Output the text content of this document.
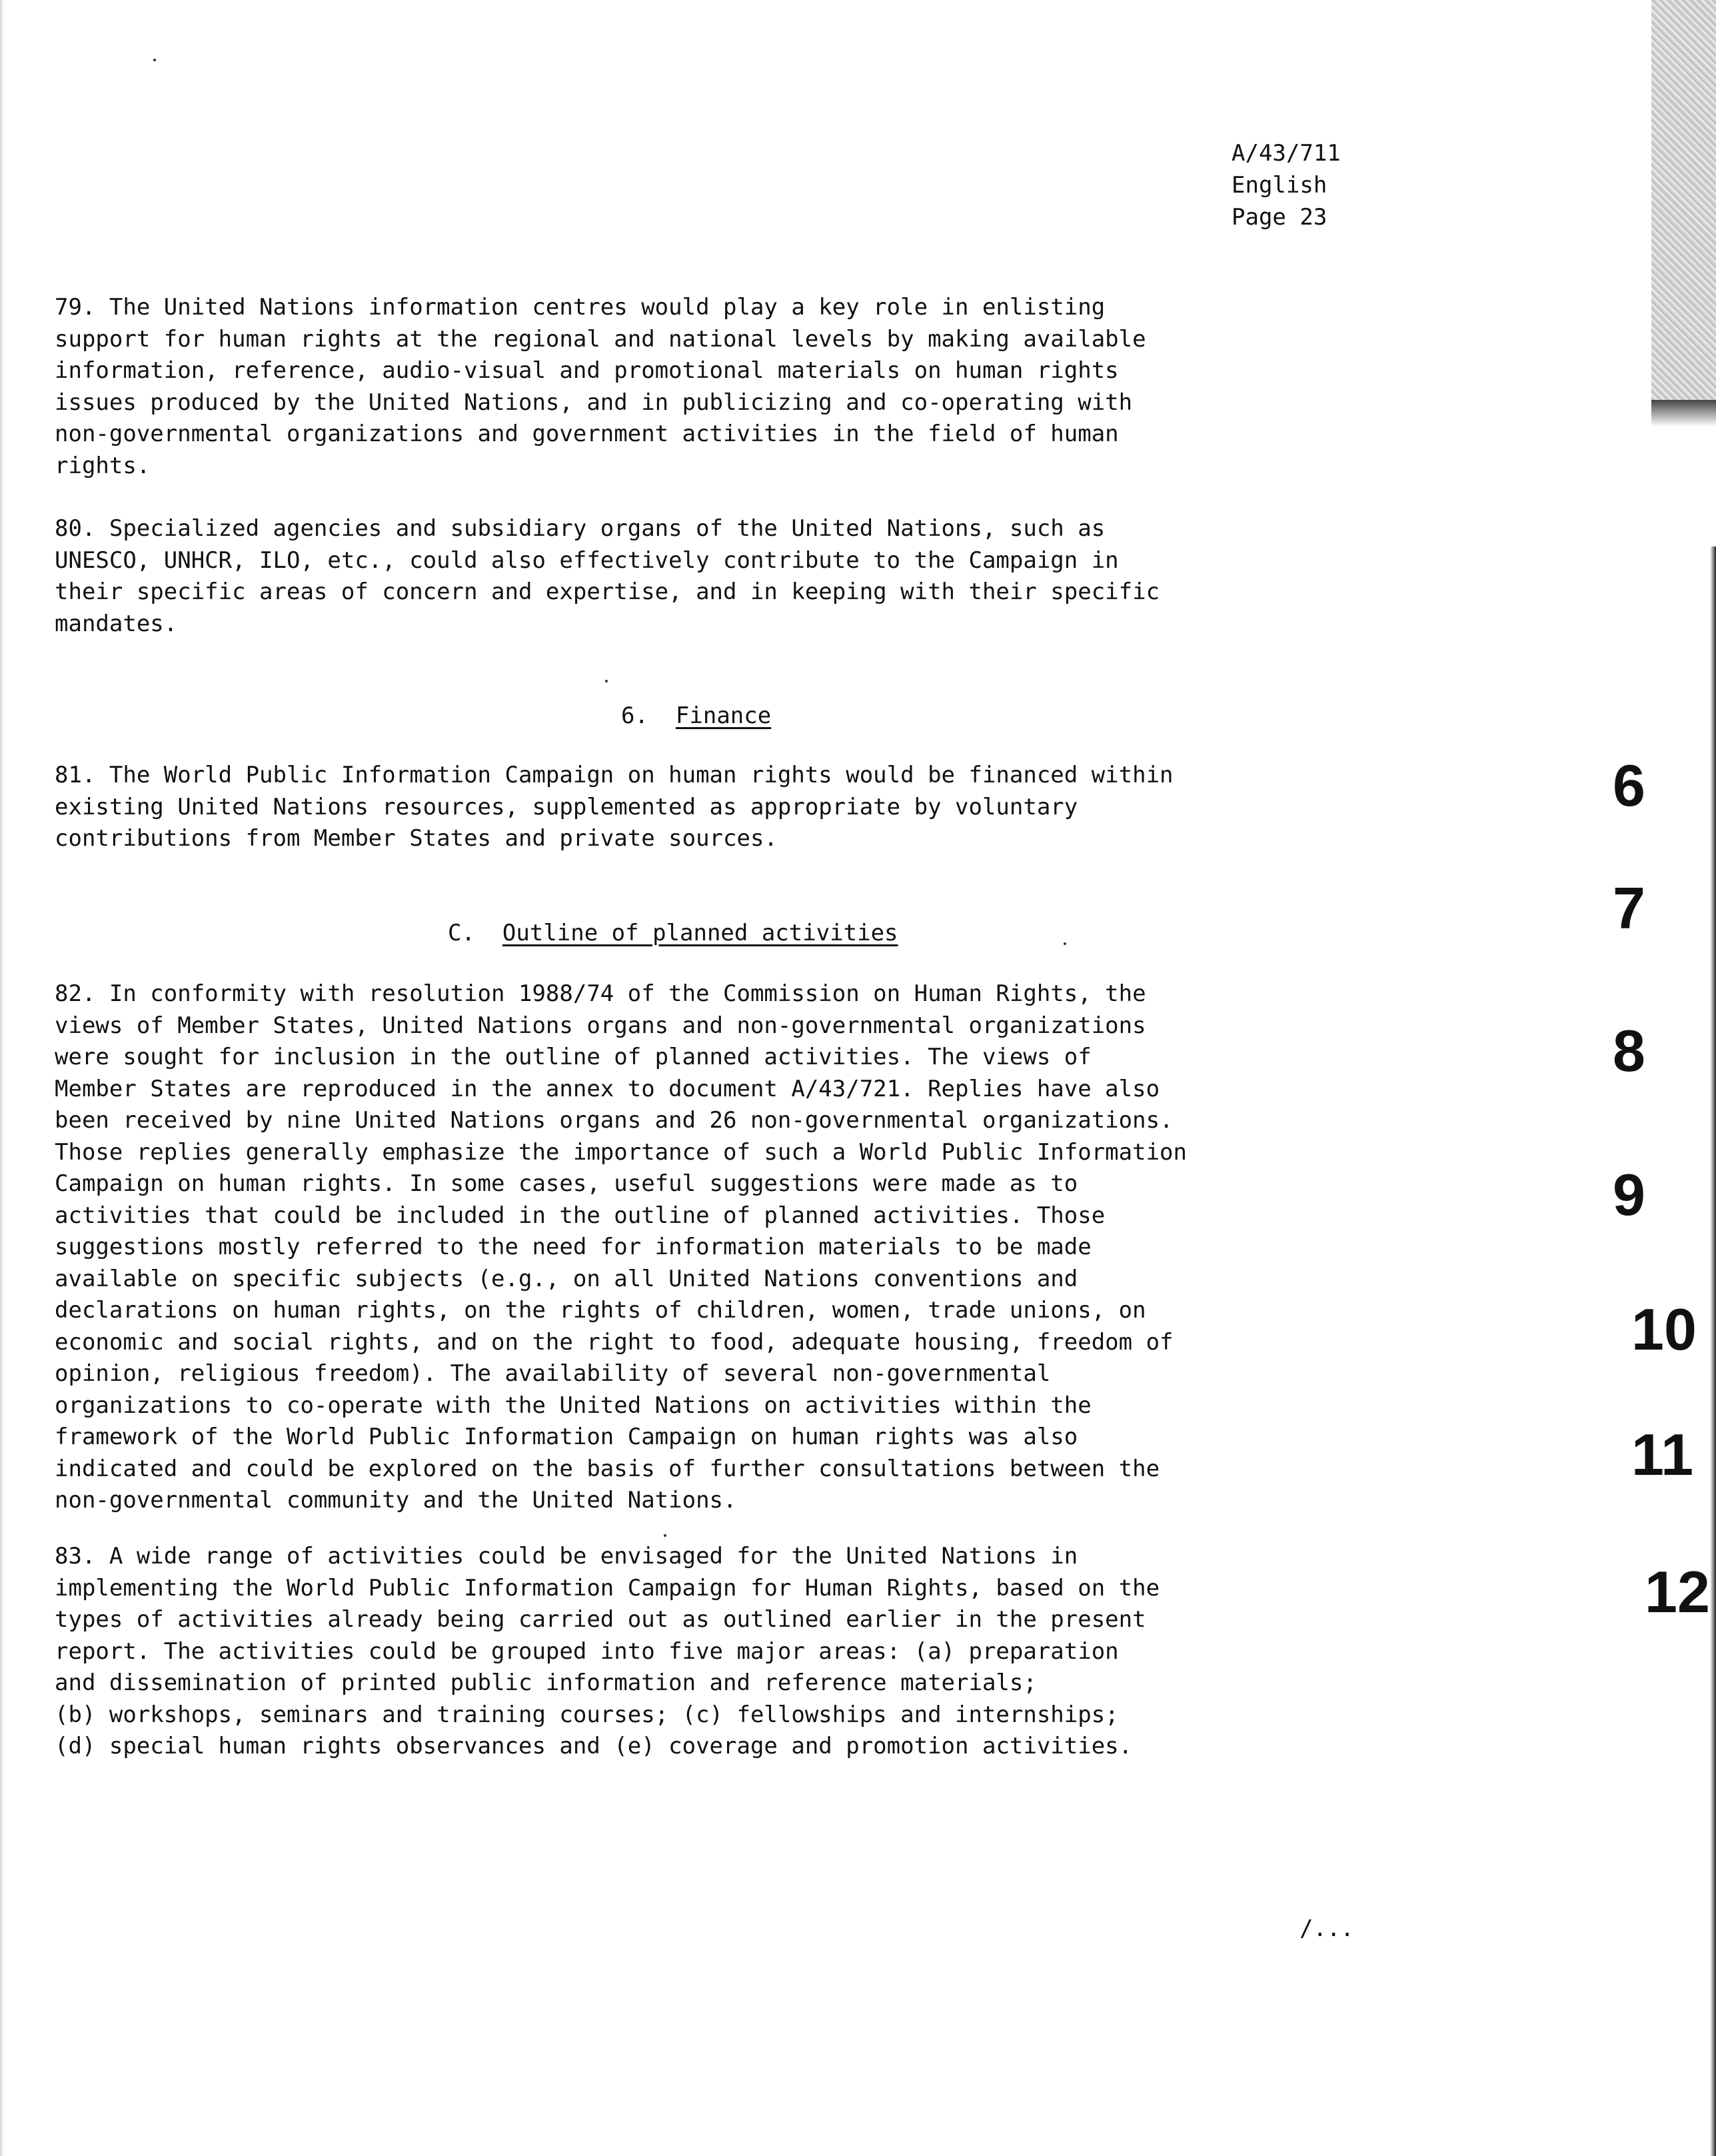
A/43/711
English
Page 23
79. The United Nations information centres would play a key role in enlisting
support for human rights at the regional and national levels by making available
information, reference, audio-visual and promotional materials on human rights
issues produced by the United Nations, and in publicizing and co-operating with
non-governmental organizations and government activities in the field of human
rights.
80. Specialized agencies and subsidiary organs of the United Nations, such as
UNESCO, UNHCR, ILO, etc., could also effectively contribute to the Campaign in
their specific areas of concern and expertise, and in keeping with their specific
mandates.
6. Finance
81. The World Public Information Campaign on human rights would be financed within
existing United Nations resources, supplemented as appropriate by voluntary
contributions from Member States and private sources.
C. Outline of planned activities
82. In conformity with resolution 1988/74 of the Commission on Human Rights, the
views of Member States, United Nations organs and non-governmental organizations
were sought for inclusion in the outline of planned activities. The views of
Member States are reproduced in the annex to document A/43/721. Replies have also
been received by nine United Nations organs and 26 non-governmental organizations.
Those replies generally emphasize the importance of such a World Public Information
Campaign on human rights. In some cases, useful suggestions were made as to
activities that could be included in the outline of planned activities. Those
suggestions mostly referred to the need for information materials to be made
available on specific subjects (e.g., on all United Nations conventions and
declarations on human rights, on the rights of children, women, trade unions, on
economic and social rights, and on the right to food, adequate housing, freedom of
opinion, religious freedom). The availability of several non-governmental
organizations to co-operate with the United Nations on activities within the
framework of the World Public Information Campaign on human rights was also
indicated and could be explored on the basis of further consultations between the
non-governmental community and the United Nations.
83. A wide range of activities could be envisaged for the United Nations in
implementing the World Public Information Campaign for Human Rights, based on the
types of activities already being carried out as outlined earlier in the present
report. The activities could be grouped into five major areas: (a) preparation
and dissemination of printed public information and reference materials;
(b) workshops, seminars and training courses; (c) fellowships and internships;
(d) special human rights observances and (e) coverage and promotion activities.
/...
6
7
8
9
10
11
12
